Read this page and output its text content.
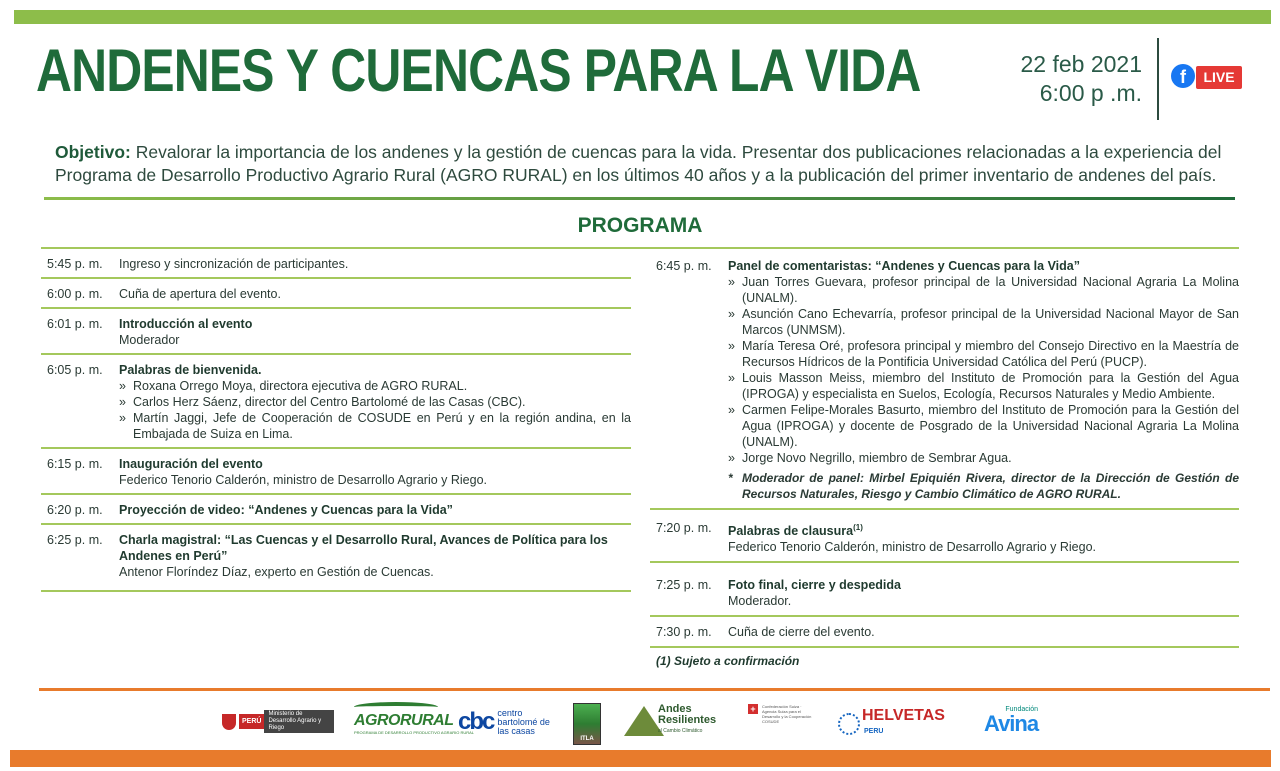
ANDENES Y CUENCAS PARA LA VIDA	22 feb 2021
6:00 p .m.
f	LIVE

Objetivo: Revalorar la importancia de los andenes y la gestión de cuencas para la vida. Presentar dos publicaciones relacionadas a la experiencia del Programa de Desarrollo Productivo Agrario Rural (AGRO RURAL) en los últimos 40 años y a la publicación del primer inventario de andenes del país.

PROGRAMA
5:45 p. m.	Ingreso y sincronización de participantes.
6:00 p. m.	Cuña de apertura del evento.
6:01 p. m.	Introducción al evento
Moderador
6:05 p. m.	Palabras de bienvenida.
» Roxana Orrego Moya, directora ejecutiva de AGRO RURAL.
» Carlos Herz Sáenz, director del Centro Bartolomé de las Casas (CBC).
» Martín Jaggi, Jefe de Cooperación de COSUDE en Perú y en la región andina, en la Embajada de Suiza en Lima.
6:15 p. m.	Inauguración del evento
Federico Tenorio Calderón, ministro de Desarrollo Agrario y Riego.
6:20 p. m.	Proyección de video: “Andenes y Cuencas para la Vida”
6:25 p. m.	Charla magistral: “Las Cuencas y el Desarrollo Rural, Avances de Política para los Andenes en Perú”
Antenor Floríndez Díaz, experto en Gestión de Cuencas.
6:45 p. m.	Panel de comentaristas: “Andenes y Cuencas para la Vida”
» Juan Torres Guevara, profesor principal de la Universidad Nacional Agraria La Molina (UNALM).
» Asunción Cano Echevarría, profesor principal de la Universidad Nacional Mayor de San Marcos (UNMSM).
» María Teresa Oré, profesora principal y miembro del Consejo Directivo en la Maestría de Recursos Hídricos de la Pontificia Universidad Católica del Perú (PUCP).
» Louis Masson Meiss, miembro del Instituto de Promoción para la Gestión del Agua (IPROGA) y especialista en Suelos, Ecología, Recursos Naturales y Medio Ambiente.
» Carmen Felipe-Morales Basurto, miembro del Instituto de Promoción para la Gestión del Agua (IPROGA) y docente de Posgrado de la Universidad Nacional Agraria La Molina (UNALM).
» Jorge Novo Negrillo, miembro de Sembrar Agua.
* Moderador de panel: Mirbel Epiquién Rivera, director de la Dirección de Gestión de Recursos Naturales, Riesgo y Cambio Climático de AGRO RURAL.
7:20 p. m.	Palabras de clausura$^{(1)}$
Federico Tenorio Calderón, ministro de Desarrollo Agrario y Riego.
7:25 p. m.	Foto final, cierre y despedida
Moderador.
7:30 p. m.	Cuña de cierre del evento.
(1) Sujeto a confirmación
PERÚ
Ministerio de Desarrollo Agrario y Riego	AGRORURAL
PROGRAMA DE DESARROLLO PRODUCTIVO AGRARIO RURAL
cbc centro bartolomé de las casas
ITLA
Andes Resilientes
al Cambio Climático
+	Confederación Suiza · Agencia Suiza para el Desarrollo y la Cooperación COSUDE	HELVETAS
PERU
Fundación
Avina
